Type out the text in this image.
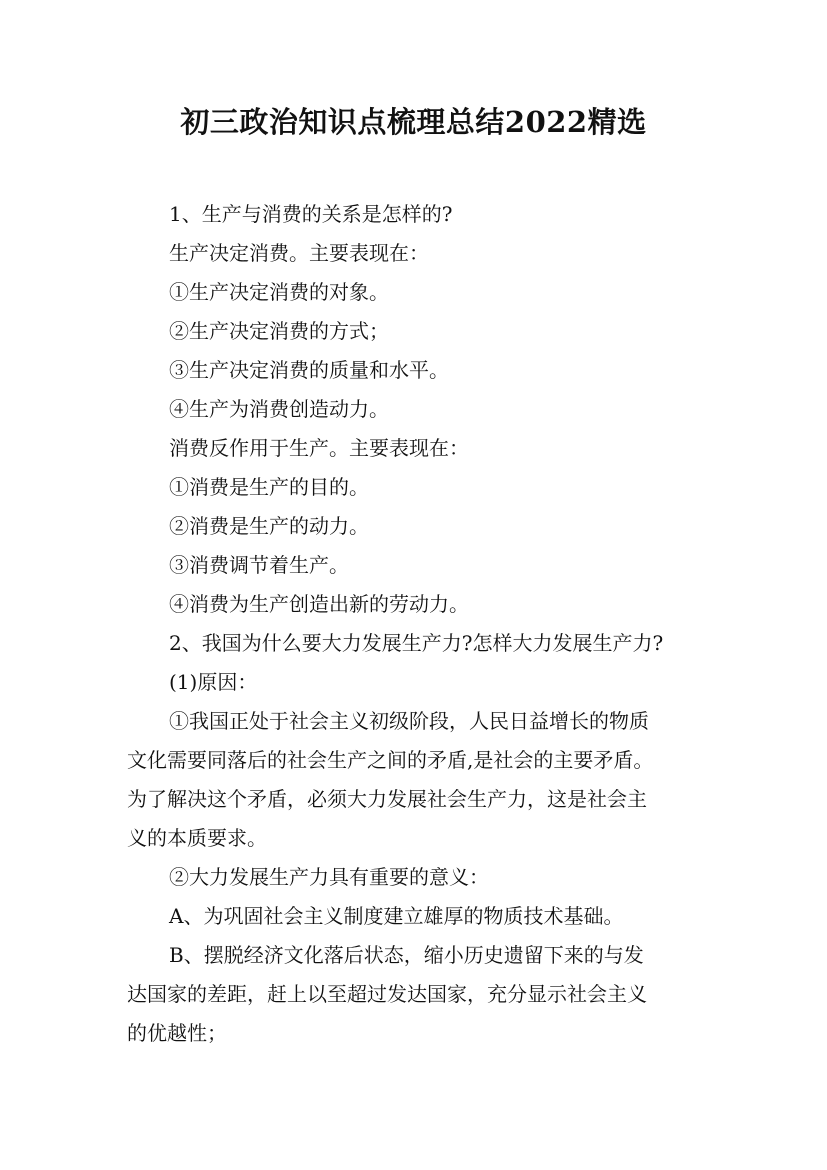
初三政治知识点梳理总结2022精选
1、生产与消费的关系是怎样的?
生产决定消费。主要表现在：
①生产决定消费的对象。
②生产决定消费的方式；
③生产决定消费的质量和水平。
④生产为消费创造动力。
消费反作用于生产。主要表现在：
①消费是生产的目的。
②消费是生产的动力。
③消费调节着生产。
④消费为生产创造出新的劳动力。
2、我国为什么要大力发展生产力?怎样大力发展生产力?
(1)原因：
①我国正处于社会主义初级阶段，人民日益增长的物质
文化需要同落后的社会生产之间的矛盾,是社会的主要矛盾。
为了解决这个矛盾，必须大力发展社会生产力，这是社会主
义的本质要求。
②大力发展生产力具有重要的意义：
A、为巩固社会主义制度建立雄厚的物质技术基础。
B、摆脱经济文化落后状态，缩小历史遗留下来的与发
达国家的差距，赶上以至超过发达国家，充分显示社会主义
的优越性；
